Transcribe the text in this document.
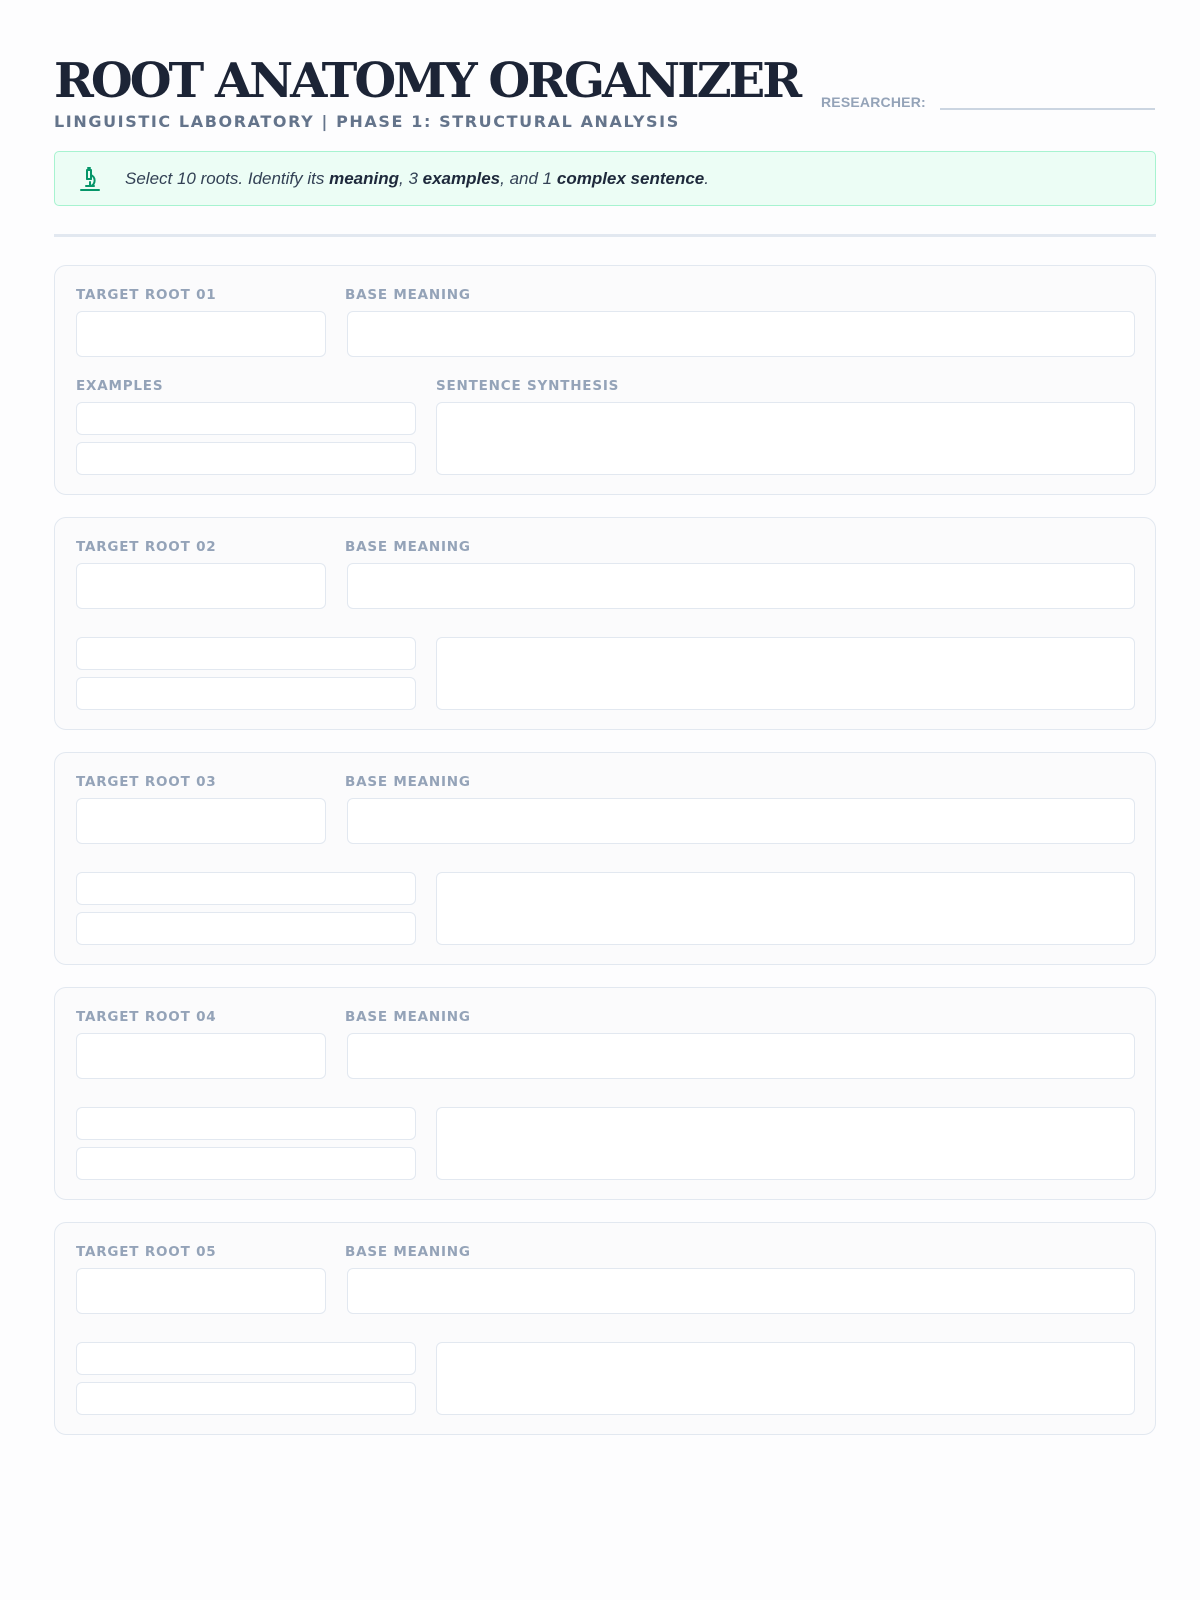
ROOT ANATOMY ORGANIZER
LINGUISTIC LABORATORY | PHASE 1: STRUCTURAL ANALYSIS
RESEARCHER:
Select 10 roots. Identify its meaning, 3 examples, and 1 complex sentence.
TARGET ROOT 01	BASE MEANING
EXAMPLES	SENTENCE SYNTHESIS
TARGET ROOT 02	BASE MEANING
TARGET ROOT 03	BASE MEANING
TARGET ROOT 04	BASE MEANING
TARGET ROOT 05	BASE MEANING
